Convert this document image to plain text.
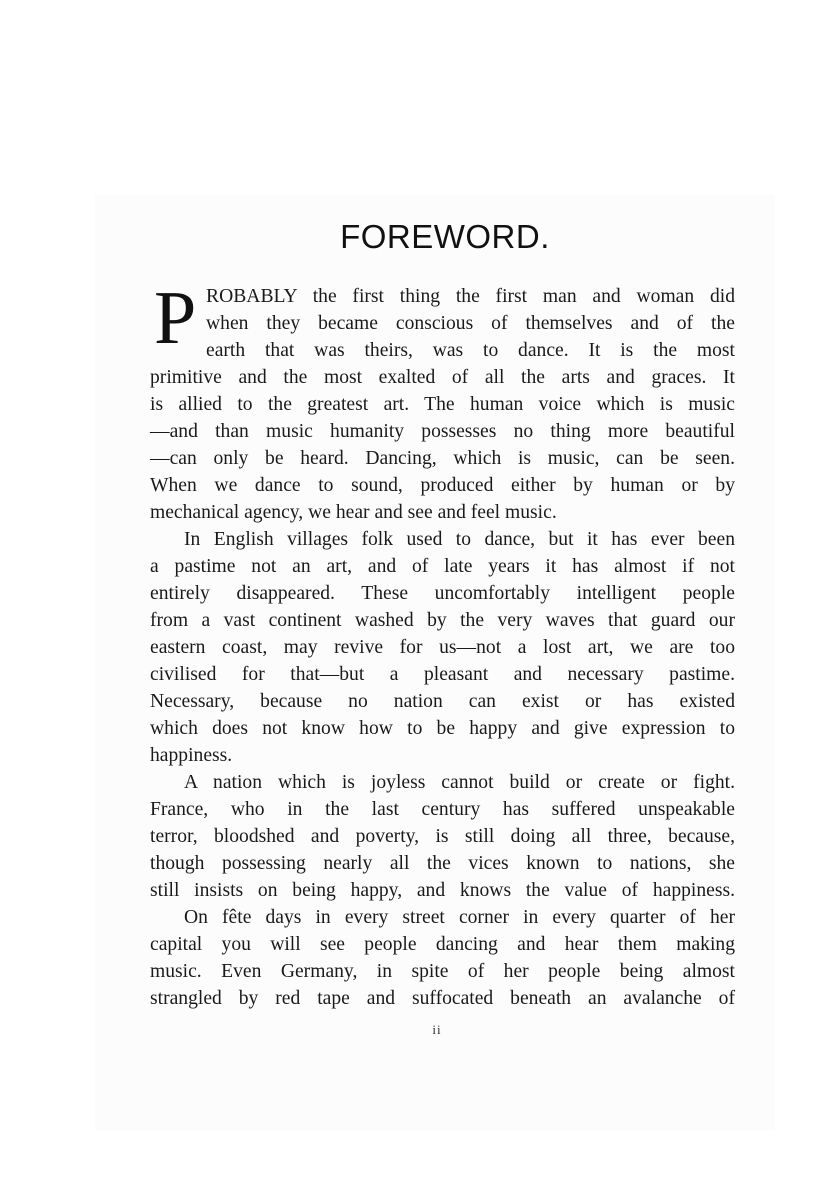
FOREWORD.
P ROBABLY the first thing the first man and woman did
when they became conscious of themselves and of the
earth that was theirs, was to dance. It is the most
primitive and the most exalted of all the arts and graces. It
is allied to the greatest art. The human voice which is music
—and than music humanity possesses no thing more beautiful
—can only be heard. Dancing, which is music, can be seen.
When we dance to sound, produced either by human or by
mechanical agency, we hear and see and feel music.
In English villages folk used to dance, but it has ever been
a pastime not an art, and of late years it has almost if not
entirely disappeared. These uncomfortably intelligent people
from a vast continent washed by the very waves that guard our
eastern coast, may revive for us—not a lost art, we are too
civilised for that—but a pleasant and necessary pastime.
Necessary, because no nation can exist or has existed
which does not know how to be happy and give expression to
happiness.
A nation which is joyless cannot build or create or fight.
France, who in the last century has suffered unspeakable
terror, bloodshed and poverty, is still doing all three, because,
though possessing nearly all the vices known to nations, she
still insists on being happy, and knows the value of happiness.
On fête days in every street corner in every quarter of her
capital you will see people dancing and hear them making
music. Even Germany, in spite of her people being almost
strangled by red tape and suffocated beneath an avalanche of
ii
